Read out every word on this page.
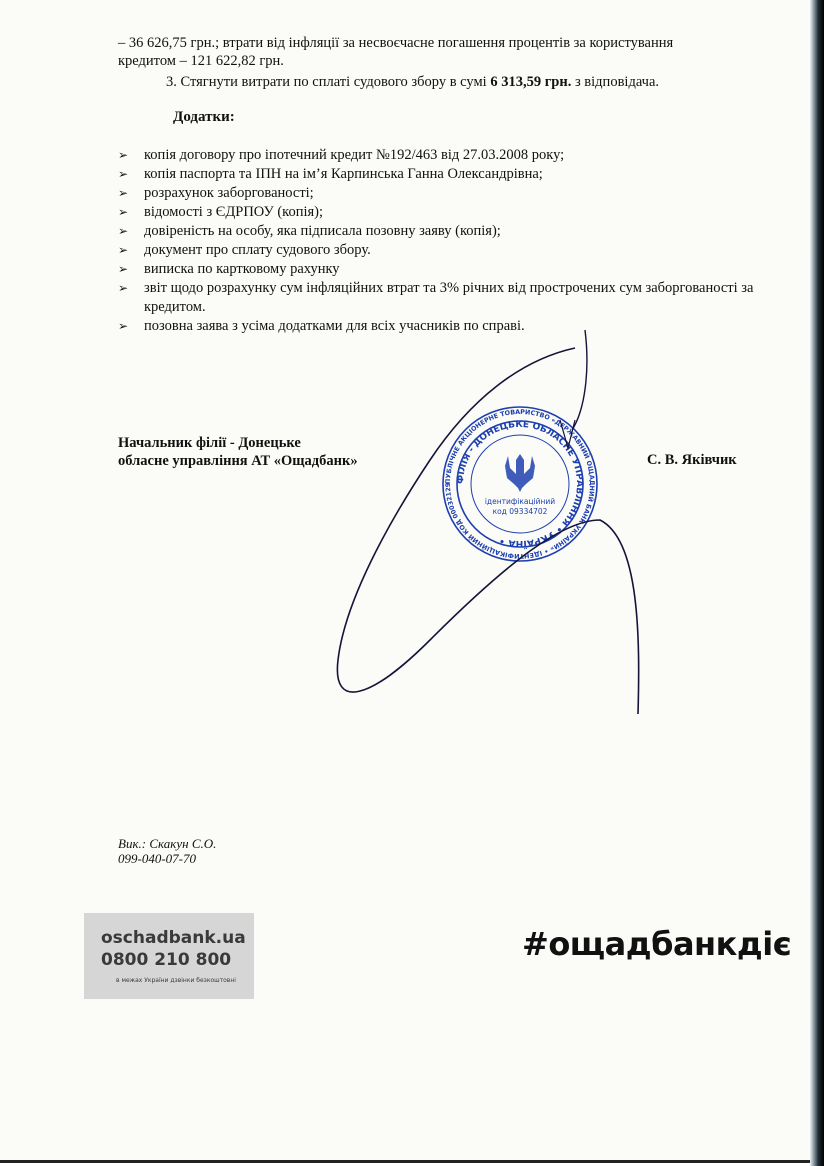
– 36 626,75 грн.; втрати від інфляції за несвоєчасне погашення процентів за користування
кредитом – 121 622,82 грн.
3. Стягнути витрати по сплаті судового збору в сумі 6 313,59 грн. з відповідача.
Додатки:
➢ копія договору про іпотечний кредит №192/463 від 27.03.2008 року;
➢ копія паспорта та ІПН на ім’я Карпинська Ганна Олександрівна;
➢ розрахунок заборгованості;
➢ відомості з ЄДРПОУ (копія);
➢ довіреність на особу, яка підписала позовну заяву (копія);
➢ документ про сплату судового збору.
➢ виписка по картковому рахунку
➢ звіт щодо розрахунку сум інфляційних втрат та 3% річних від прострочених сум заборгованості за кредитом.
➢ позовна заява з усіма додатками для всіх учасників по справі.
Начальник філії - Донецьке
обласне управління АТ «Ощадбанк»	С. В. Яківчик
ПУБЛІЧНЕ АКЦІОНЕРНЕ ТОВАРИСТВО «ДЕРЖАВНИЙ ОЩАДНИЙ БАНК УКРАЇНИ» • ІДЕНТИФІКАЦІЙНИЙ КОД 00032129
ФІЛІЯ - ДОНЕЦЬКЕ ОБЛАСНЕ УПРАВЛІННЯ • УКРАЇНА •
ідентифікаційний
код 09334702
Вик.: Скакун С.О.
099-040-07-70
oschadbank.ua
0800 210 800
в межах України дзвінки безкоштовні
#ощадбанкдіє
